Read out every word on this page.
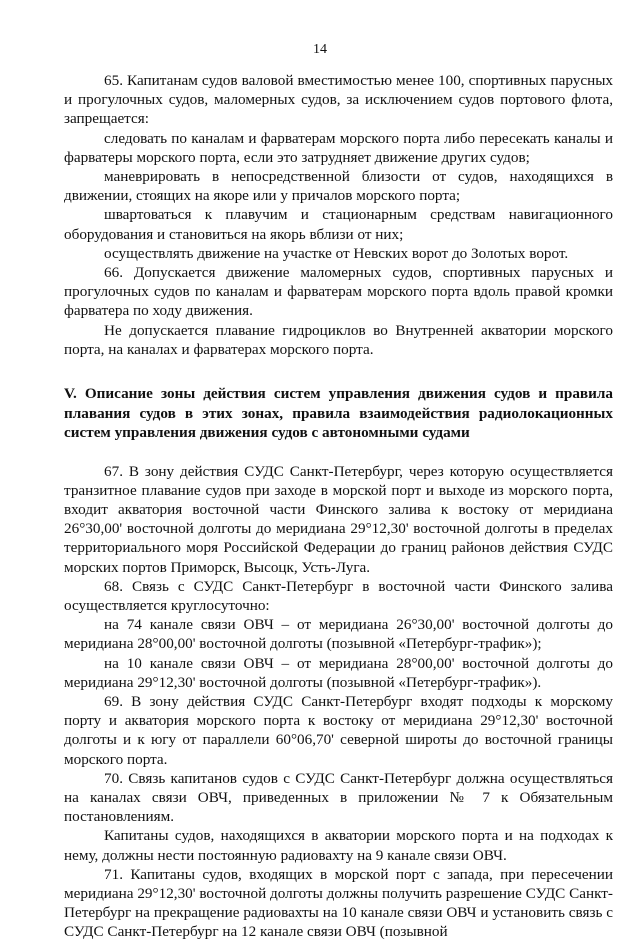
14

65. Капитанам судов валовой вместимостью менее 100, спортивных парусных и прогулочных судов, маломерных судов, за исключением судов портового флота, запрещается:

следовать по каналам и фарватерам морского порта либо пересекать каналы и фарватеры морского порта, если это затрудняет движение других судов;

маневрировать в непосредственной близости от судов, находящихся в движении, стоящих на якоре или у причалов морского порта;

швартоваться к плавучим и стационарным средствам навигационного оборудования и становиться на якорь вблизи от них;

осуществлять движение на участке от Невских ворот до Золотых ворот.

66. Допускается движение маломерных судов, спортивных парусных и прогулочных судов по каналам и фарватерам морского порта вдоль правой кромки фарватера по ходу движения.

Не допускается плавание гидроциклов во Внутренней акватории морского порта, на каналах и фарватерах морского порта.

V. Описание зоны действия систем управления движения судов и правила плавания судов в этих зонах, правила взаимодействия радиолокационных систем управления движения судов с автономными судами

67. В зону действия СУДС Санкт-Петербург, через которую осуществляется транзитное плавание судов при заходе в морской порт и выходе из морского порта, входит акватория восточной части Финского залива к востоку от меридиана 26°30,00' восточной долготы до меридиана 29°12,30' восточной долготы в пределах территориального моря Российской Федерации до границ районов действия СУДС морских портов Приморск, Высоцк, Усть-Луга.

68. Связь с СУДС Санкт-Петербург в восточной части Финского залива осуществляется круглосуточно:

на 74 канале связи ОВЧ – от меридиана 26°30,00' восточной долготы до меридиана 28°00,00' восточной долготы (позывной «Петербург-трафик»);

на 10 канале связи ОВЧ – от меридиана 28°00,00' восточной долготы до меридиана 29°12,30' восточной долготы (позывной «Петербург-трафик»).

69. В зону действия СУДС Санкт-Петербург входят подходы к морскому порту и акватория морского порта к востоку от меридиана 29°12,30' восточной долготы и к югу от параллели 60°06,70' северной широты до восточной границы морского порта.

70. Связь капитанов судов с СУДС Санкт-Петербург должна осуществляться на каналах связи ОВЧ, приведенных в приложении № 7 к Обязательным постановлениям.

Капитаны судов, находящихся в акватории морского порта и на подходах к нему, должны нести постоянную радиовахту на 9 канале связи ОВЧ.

71. Капитаны судов, входящих в морской порт с запада, при пересечении меридиана 29°12,30' восточной долготы должны получить разрешение СУДС Санкт-Петербург на прекращение радиовахты на 10 канале связи ОВЧ и установить связь с СУДС Санкт-Петербург на 12 канале связи ОВЧ (позывной
